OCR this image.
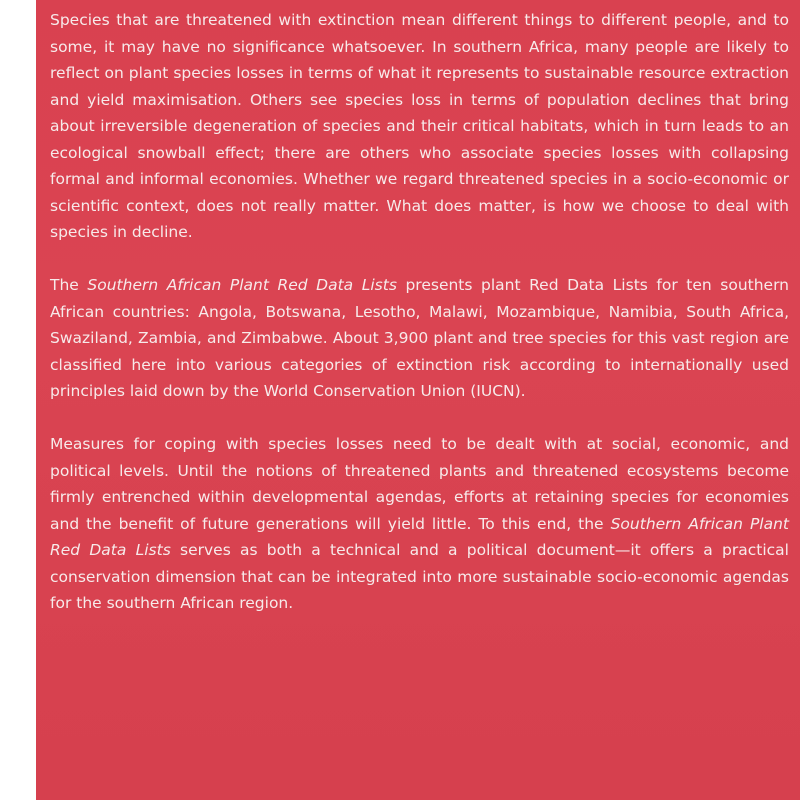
Species that are threatened with extinction mean different things to different people, and to some, it may have no significance whatsoever. In southern Africa, many people are likely to reflect on plant species losses in terms of what it represents to sustainable resource extraction and yield maximisation. Others see species loss in terms of population declines that bring about irreversible degeneration of species and their critical habitats, which in turn leads to an ecological snowball effect; there are others who associate species losses with collapsing formal and informal economies. Whether we regard threatened species in a socio-economic or scientific context, does not really matter. What does matter, is how we choose to deal with species in decline.

The Southern African Plant Red Data Lists presents plant Red Data Lists for ten southern African countries: Angola, Botswana, Lesotho, Malawi, Mozambique, Namibia, South Africa, Swaziland, Zambia, and Zimbabwe. About 3,900 plant and tree species for this vast region are classified here into various categories of extinction risk according to internationally used principles laid down by the World Conservation Union (IUCN).

Measures for coping with species losses need to be dealt with at social, economic, and political levels. Until the notions of threatened plants and threatened ecosystems become firmly entrenched within developmental agendas, efforts at retaining species for economies and the benefit of future generations will yield little. To this end, the Southern African Plant Red Data Lists serves as both a technical and a political document—it offers a practical conservation dimension that can be integrated into more sustainable socio-economic agendas for the southern African region.
